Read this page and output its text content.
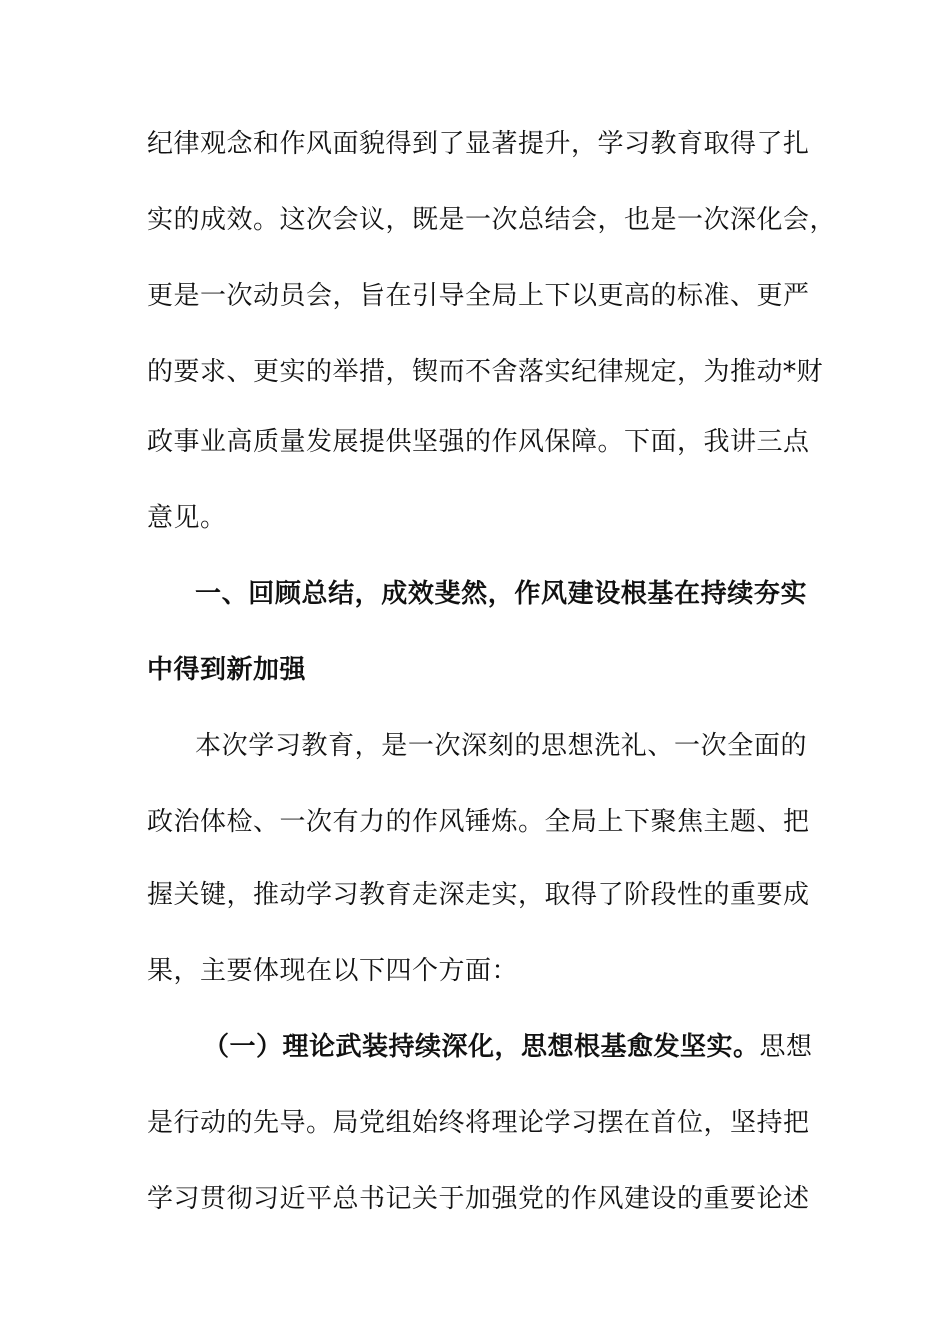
纪律观念和作风面貌得到了显著提升，学习教育取得了扎
实的成效。这次会议，既是一次总结会，也是一次深化会，
更是一次动员会，旨在引导全局上下以更高的标准、更严
的要求、更实的举措，锲而不舍落实纪律规定，为推动*财
政事业高质量发展提供坚强的作风保障。下面，我讲三点
意见。
一、回顾总结，成效斐然，作风建设根基在持续夯实
中得到新加强
本次学习教育，是一次深刻的思想洗礼、一次全面的
政治体检、一次有力的作风锤炼。全局上下聚焦主题、把
握关键，推动学习教育走深走实，取得了阶段性的重要成
果，主要体现在以下四个方面：
（一）理论武装持续深化，思想根基愈发坚实。思想
是行动的先导。局党组始终将理论学习摆在首位，坚持把
学习贯彻习近平总书记关于加强党的作风建设的重要论述
